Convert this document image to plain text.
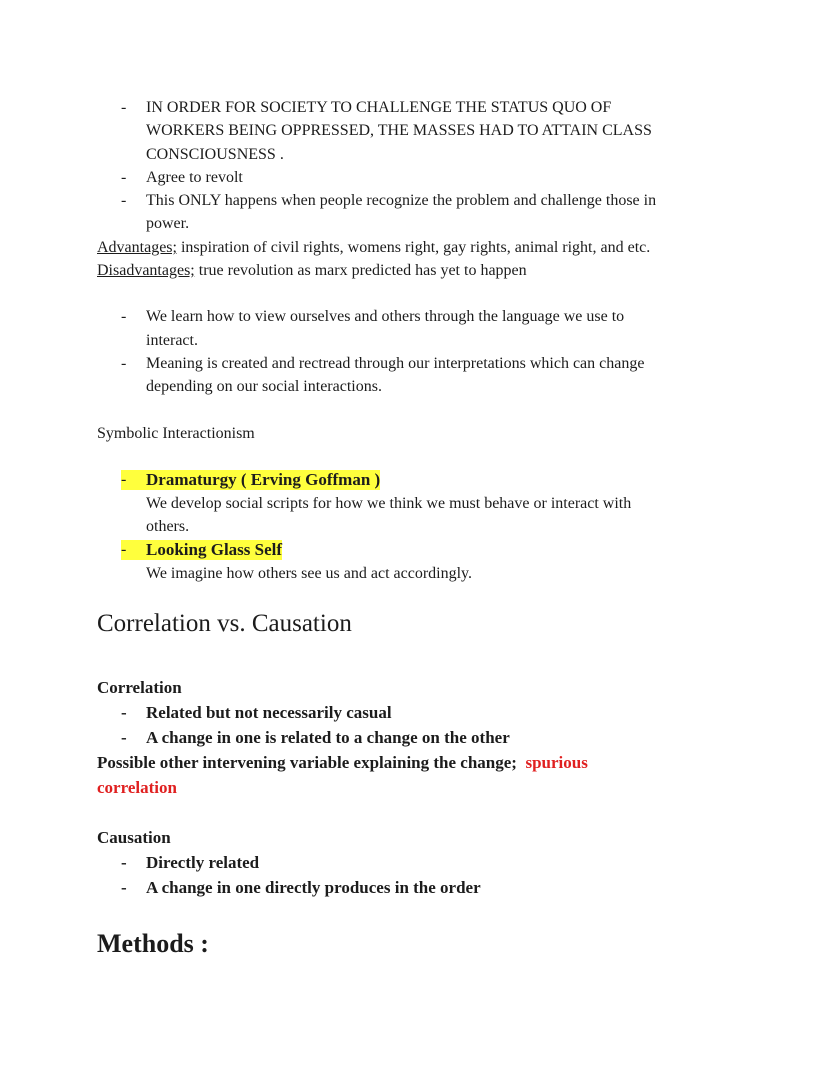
- IN ORDER FOR SOCIETY TO CHALLENGE THE STATUS QUO OF
WORKERS BEING OPPRESSED, THE MASSES HAD TO ATTAIN CLASS
CONSCIOUSNESS .
- Agree to revolt
- This ONLY happens when people recognize the problem and challenge those in
power.
Advantages; inspiration of civil rights, womens right, gay rights, animal right, and etc.
Disadvantages; true revolution as marx predicted has yet to happen
- We learn how to view ourselves and others through the language we use to
interact.
- Meaning is created and rectread through our interpretations which can change
depending on our social interactions.
Symbolic Interactionism
-	Dramaturgy ( Erving Goffman )
We develop social scripts for how we think we must behave or interact with
others.
-	Looking Glass Self
We imagine how others see us and act accordingly.
Correlation vs. Causation
Correlation
- Related but not necessarily casual
- A change in one is related to a change on the other
Possible other intervening variable explaining the change; spurious
correlation
Causation
- Directly related
- A change in one directly produces in the order
Methods :
